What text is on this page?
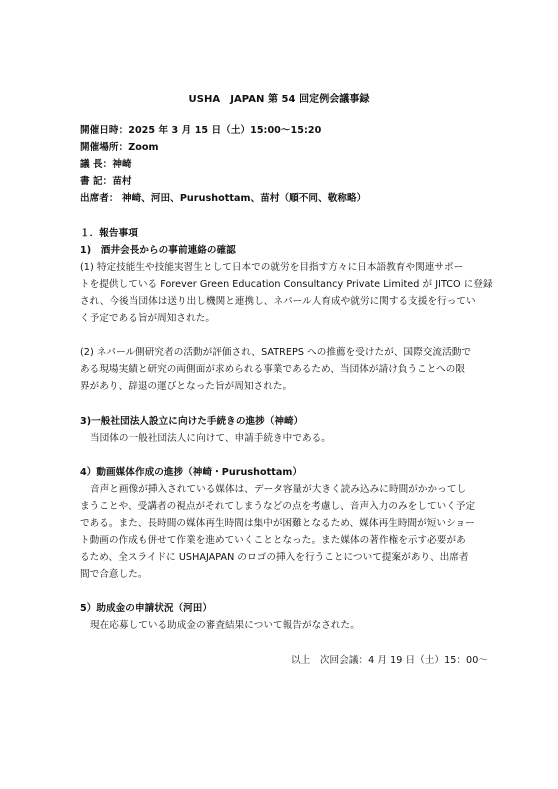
USHA　JAPAN 第 54 回定例会議事録
開催日時：2025 年 3 月 15 日（土）15:00～15:20
開催場所：Zoom
議 長：神崎
書 記：苗村
出席者： 神崎、河田、Purushottam、苗村（順不同、敬称略）
１．報告事項
1)　酒井会長からの事前連絡の確認
(1) 特定技能生や技能実習生として日本での就労を目指す方々に日本語教育や関連サポー
トを提供している Forever Green Education Consultancy Private Limited が JITCO に登録
され、今後当団体は送り出し機関と連携し、ネパール人育成や就労に関する支援を行ってい
く予定である旨が周知された。
(2) ネパール側研究者の活動が評価され、SATREPS への推薦を受けたが、国際交流活動で
ある現場実績と研究の両側面が求められる事業であるため、当団体が請け負うことへの限
界があり、辞退の運びとなった旨が周知された。
3)一般社団法人設立に向けた手続きの進捗（神崎）
当団体の一般社団法人に向けて、申請手続き中である。
4）動画媒体作成の進捗（神崎・Purushottam）
音声と画像が挿入されている媒体は、データ容量が大きく読み込みに時間がかかってし
まうことや、受講者の視点がそれてしまうなどの点を考慮し、音声入力のみをしていく予定
である。また、長時間の媒体再生時間は集中が困難となるため、媒体再生時間が短いショー
ト動画の作成も併せて作業を進めていくこととなった。また媒体の著作権を示す必要があ
るため、全スライドに USHAJAPAN のロゴの挿入を行うことについて提案があり、出席者
間で合意した。
5）助成金の申請状況（河田）
現在応募している助成金の審査結果について報告がなされた。
以上　次回会議：4 月 19 日（土）15：00～
